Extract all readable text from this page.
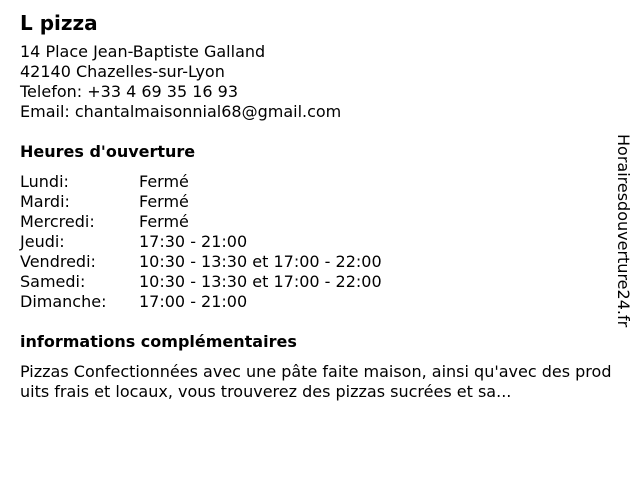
L pizza
14 Place Jean-Baptiste Galland
42140 Chazelles-sur-Lyon
Telefon: +33 4 69 35 16 93
Email: chantalmaisonnial68@gmail.com
Heures d'ouverture
Lundi:	Fermé
Mardi:	Fermé
Mercredi:	Fermé
Jeudi:	17:30 - 21:00
Vendredi:	10:30 - 13:30 et 17:00 - 22:00
Samedi:	10:30 - 13:30 et 17:00 - 22:00
Dimanche:	17:00 - 21:00
informations complémentaires
Pizzas Confectionnées avec une pâte faite maison, ainsi qu'avec des produits frais et locaux, vous trouverez des pizzas sucrées et sa...
Horairesdouverture24.fr
